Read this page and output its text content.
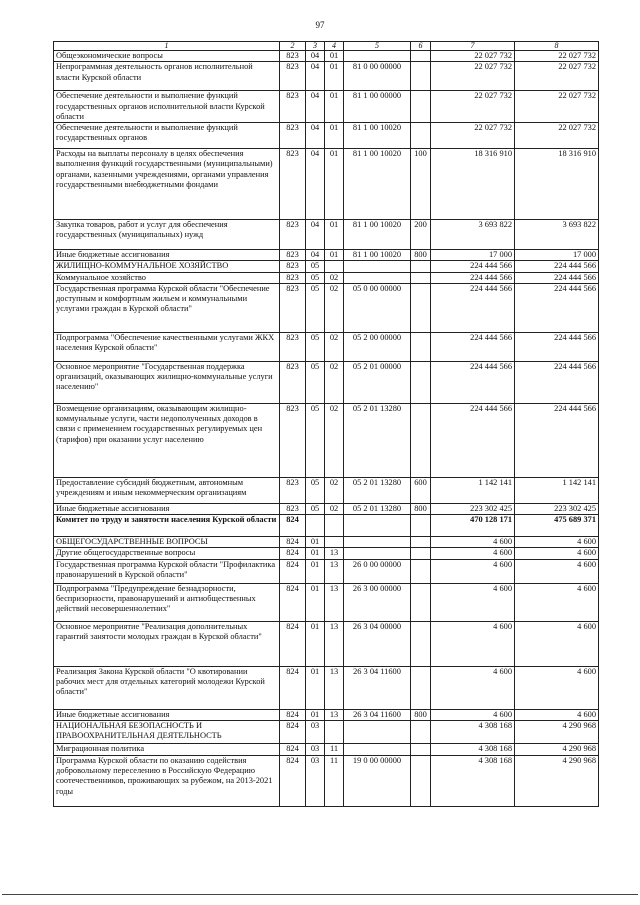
97
1	2	3	4	5	6	7	8
Общеэкономические вопросы	823	04	01			22 027 732	22 027 732
Непрограммная деятельность органов исполнительной власти Курской области	823	04	01	81 0 00 00000		22 027 732	22 027 732
Обеспечение деятельности и выполнение функций государственных органов исполнительной власти Курской области	823	04	01	81 1 00 00000		22 027 732	22 027 732
Обеспечение деятельности и выполнение функций государственных органов	823	04	01	81 1 00 10020		22 027 732	22 027 732
Расходы на выплаты персоналу в целях обеспечения выполнения функций государственными (муниципальными) органами, казенными учреждениями, органами управления государственными внебюджетными фондами	823	04	01	81 1 00 10020	100	18 316 910	18 316 910
Закупка товаров, работ и услуг для обеспечения государственных (муниципальных) нужд	823	04	01	81 1 00 10020	200	3 693 822	3 693 822
Иные бюджетные ассигнования	823	04	01	81 1 00 10020	800	17 000	17 000
ЖИЛИЩНО-КОММУНАЛЬНОЕ ХОЗЯЙСТВО	823	05				224 444 566	224 444 566
Коммунальное хозяйство	823	05	02			224 444 566	224 444 566
Государственная программа Курской области "Обеспечение доступным и комфортным жильем и коммунальными услугами граждан в Курской области"	823	05	02	05 0 00 00000		224 444 566	224 444 566
Подпрограмма "Обеспечение качественными услугами ЖКХ населения Курской области"	823	05	02	05 2 00 00000		224 444 566	224 444 566
Основное мероприятие "Государственная поддержка организаций, оказывающих жилищно-коммунальные услуги населению"	823	05	02	05 2 01 00000		224 444 566	224 444 566
Возмещение организациям, оказывающим жилищно-коммунальные услуги, части недополученных доходов в связи с применением государственных регулируемых цен (тарифов) при оказании услуг населению	823	05	02	05 2 01 13280		224 444 566	224 444 566
Предоставление субсидий бюджетным, автономным учреждениям и иным некоммерческим организациям	823	05	02	05 2 01 13280	600	1 142 141	1 142 141
Иные бюджетные ассигнования	823	05	02	05 2 01 13280	800	223 302 425	223 302 425
Комитет по труду и занятости населения Курской области	824					470 128 171	475 689 371
ОБЩЕГОСУДАРСТВЕННЫЕ ВОПРОСЫ	824	01				4 600	4 600
Другие общегосударственные вопросы	824	01	13			4 600	4 600
Государственная программа Курской области "Профилактика правонарушений в Курской области"	824	01	13	26 0 00 00000		4 600	4 600
Подпрограмма "Предупреждение безнадзорности, беспризорности, правонарушений и антиобщественных действий несовершеннолетних"	824	01	13	26 3 00 00000		4 600	4 600
Основное мероприятие "Реализация дополнительных гарантий занятости молодых граждан в Курской области"	824	01	13	26 3 04 00000		4 600	4 600
Реализация Закона Курской области "О квотировании рабочих мест для отдельных категорий молодежи Курской области"	824	01	13	26 3 04 11600		4 600	4 600
Иные бюджетные ассигнования	824	01	13	26 3 04 11600	800	4 600	4 600
НАЦИОНАЛЬНАЯ БЕЗОПАСНОСТЬ И ПРАВООХРАНИТЕЛЬНАЯ ДЕЯТЕЛЬНОСТЬ	824	03				4 308 168	4 290 968
Миграционная политика	824	03	11			4 308 168	4 290 968
Программа Курской области по оказанию содействия добровольному переселению в Российскую Федерацию соотечественников, проживающих за рубежом, на 2013-2021 годы	824	03	11	19 0 00 00000		4 308 168	4 290 968
